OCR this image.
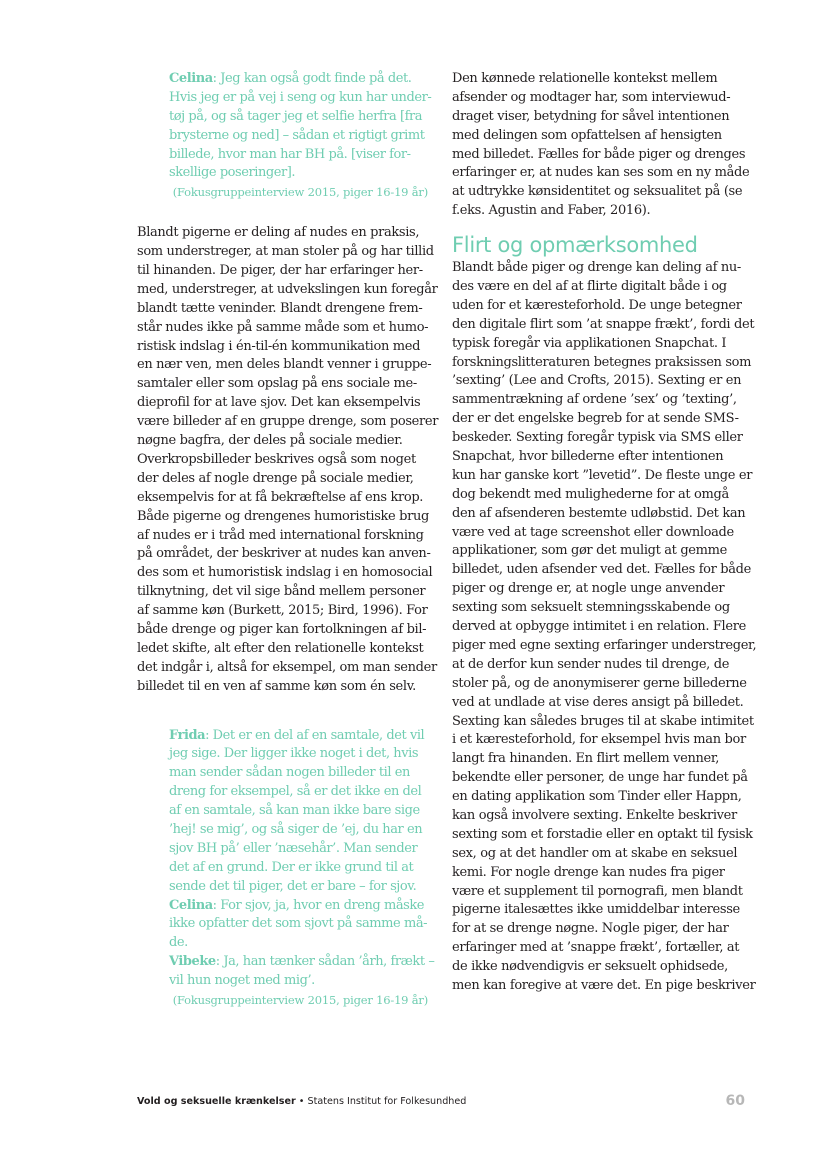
Celina: Jeg kan også godt finde på det.
Hvis jeg er på vej i seng og kun har under-
tøj på, og så tager jeg et selfie herfra [fra
brysterne og ned] – sådan et rigtigt grimt
billede, hvor man har BH på. [viser for-
skellige poseringer].
(Fokusgruppeinterview 2015, piger 16-19 år)
Blandt pigerne er deling af nudes en praksis,
som understreger, at man stoler på og har tillid
til hinanden. De piger, der har erfaringer her-
med, understreger, at udvekslingen kun foregår
blandt tætte veninder. Blandt drengene frem-
står nudes ikke på samme måde som et humo-
ristisk indslag i én-til-én kommunikation med
en nær ven, men deles blandt venner i gruppe-
samtaler eller som opslag på ens sociale me-
dieprofil for at lave sjov. Det kan eksempelvis
være billeder af en gruppe drenge, som poserer
nøgne bagfra, der deles på sociale medier.
Overkropsbilleder beskrives også som noget
der deles af nogle drenge på sociale medier,
eksempelvis for at få bekræftelse af ens krop.
Både pigerne og drengenes humoristiske brug
af nudes er i tråd med international forskning
på området, der beskriver at nudes kan anven-
des som et humoristisk indslag i en homosocial
tilknytning, det vil sige bånd mellem personer
af samme køn (Burkett, 2015; Bird, 1996). For
både drenge og piger kan fortolkningen af bil-
ledet skifte, alt efter den relationelle kontekst
det indgår i, altså for eksempel, om man sender
billedet til en ven af samme køn som én selv.
Frida: Det er en del af en samtale, det vil
jeg sige. Der ligger ikke noget i det, hvis
man sender sådan nogen billeder til en
dreng for eksempel, så er det ikke en del
af en samtale, så kan man ikke bare sige
’hej! se mig’, og så siger de ’ej, du har en
sjov BH på’ eller ’næsehår’. Man sender
det af en grund. Der er ikke grund til at
sende det til piger, det er bare – for sjov.
Celina: For sjov, ja, hvor en dreng måske
ikke opfatter det som sjovt på samme må-
de.
Vibeke: Ja, han tænker sådan ’årh, frækt –
vil hun noget med mig’.
(Fokusgruppeinterview 2015, piger 16-19 år)
Den kønnede relationelle kontekst mellem
afsender og modtager har, som interviewud-
draget viser, betydning for såvel intentionen
med delingen som opfattelsen af hensigten
med billedet. Fælles for både piger og drenges
erfaringer er, at nudes kan ses som en ny måde
at udtrykke kønsidentitet og seksualitet på (se
f.eks. Agustin and Faber, 2016).
Flirt og opmærksomhed
Blandt både piger og drenge kan deling af nu-
des være en del af at flirte digitalt både i og
uden for et kæresteforhold. De unge betegner
den digitale flirt som ’at snappe frækt’, fordi det
typisk foregår via applikationen Snapchat. I
forskningslitteraturen betegnes praksissen som
’sexting’ (Lee and Crofts, 2015). Sexting er en
sammentrækning af ordene ’sex’ og ’texting’,
der er det engelske begreb for at sende SMS-
beskeder. Sexting foregår typisk via SMS eller
Snapchat, hvor billederne efter intentionen
kun har ganske kort ”levetid”. De fleste unge er
dog bekendt med mulighederne for at omgå
den af afsenderen bestemte udløbstid. Det kan
være ved at tage screenshot eller downloade
applikationer, som gør det muligt at gemme
billedet, uden afsender ved det. Fælles for både
piger og drenge er, at nogle unge anvender
sexting som seksuelt stemningsskabende og
derved at opbygge intimitet i en relation. Flere
piger med egne sexting erfaringer understreger,
at de derfor kun sender nudes til drenge, de
stoler på, og de anonymiserer gerne billederne
ved at undlade at vise deres ansigt på billedet.
Sexting kan således bruges til at skabe intimitet
i et kæresteforhold, for eksempel hvis man bor
langt fra hinanden. En flirt mellem venner,
bekendte eller personer, de unge har fundet på
en dating applikation som Tinder eller Happn,
kan også involvere sexting. Enkelte beskriver
sexting som et forstadie eller en optakt til fysisk
sex, og at det handler om at skabe en seksuel
kemi. For nogle drenge kan nudes fra piger
være et supplement til pornografi, men blandt
pigerne italesættes ikke umiddelbar interesse
for at se drenge nøgne. Nogle piger, der har
erfaringer med at ’snappe frækt’, fortæller, at
de ikke nødvendigvis er seksuelt ophidsede,
men kan foregive at være det. En pige beskriver
Vold og seksuelle krænkelser • Statens Institut for Folkesundhed	60
